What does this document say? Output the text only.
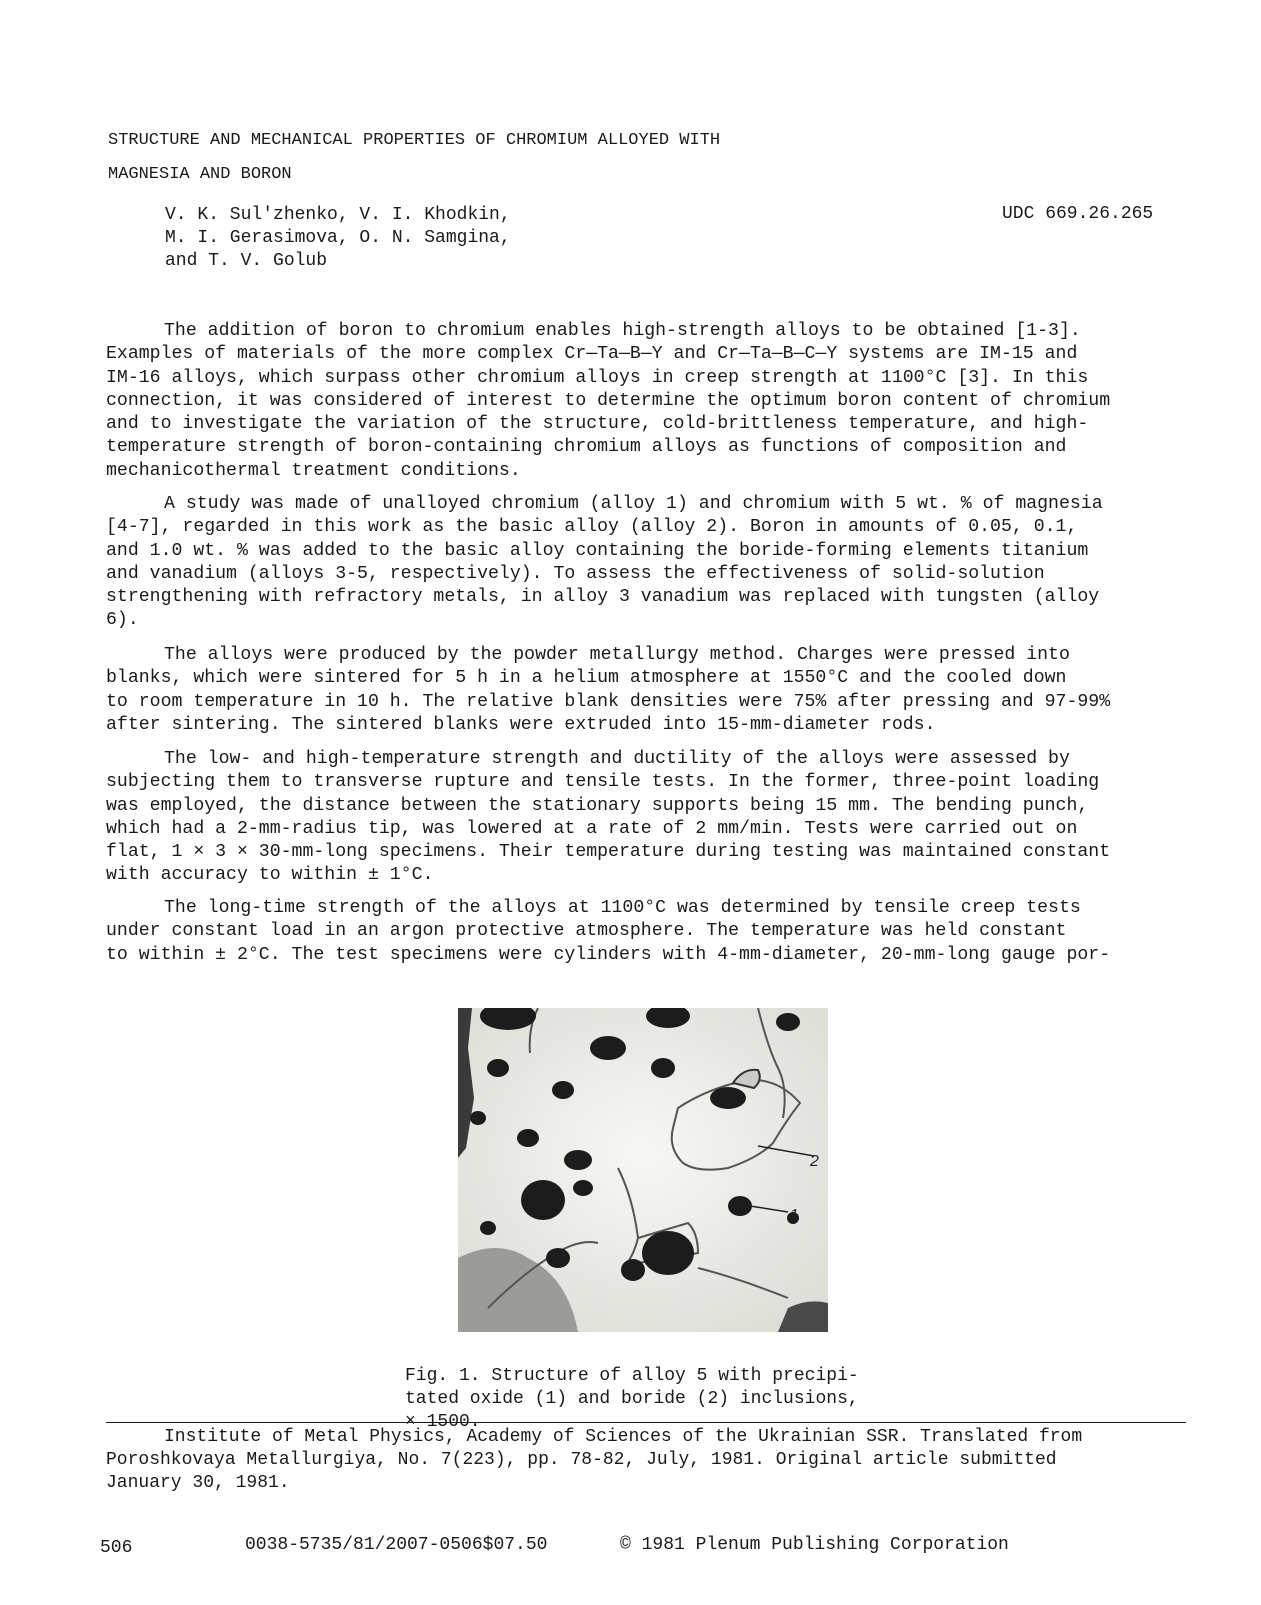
STRUCTURE AND MECHANICAL PROPERTIES OF CHROMIUM ALLOYED WITH
MAGNESIA AND BORON
V. K. Sul'zhenko, V. I. Khodkin,
M. I. Gerasimova, O. N. Samgina,
and T. V. Golub
UDC 669.26.265
The addition of boron to chromium enables high-strength alloys to be obtained [1-3].
Examples of materials of the more complex Cr—Ta—B—Y and Cr—Ta—B—C—Y systems are IM-15 and
IM-16 alloys, which surpass other chromium alloys in creep strength at 1100°C [3]. In this
connection, it was considered of interest to determine the optimum boron content of chromium
and to investigate the variation of the structure, cold-brittleness temperature, and high-
temperature strength of boron-containing chromium alloys as functions of composition and
mechanicothermal treatment conditions.
A study was made of unalloyed chromium (alloy 1) and chromium with 5 wt. % of magnesia
[4-7], regarded in this work as the basic alloy (alloy 2). Boron in amounts of 0.05, 0.1,
and 1.0 wt. % was added to the basic alloy containing the boride-forming elements titanium
and vanadium (alloys 3-5, respectively). To assess the effectiveness of solid-solution
strengthening with refractory metals, in alloy 3 vanadium was replaced with tungsten (alloy
6).
The alloys were produced by the powder metallurgy method. Charges were pressed into
blanks, which were sintered for 5 h in a helium atmosphere at 1550°C and the cooled down
to room temperature in 10 h. The relative blank densities were 75% after pressing and 97-99%
after sintering. The sintered blanks were extruded into 15-mm-diameter rods.
The low- and high-temperature strength and ductility of the alloys were assessed by
subjecting them to transverse rupture and tensile tests. In the former, three-point loading
was employed, the distance between the stationary supports being 15 mm. The bending punch,
which had a 2-mm-radius tip, was lowered at a rate of 2 mm/min. Tests were carried out on
flat, 1 × 3 × 30-mm-long specimens. Their temperature during testing was maintained constant
with accuracy to within ± 1°C.
The long-time strength of the alloys at 1100°C was determined by tensile creep tests
under constant load in an argon protective atmosphere. The temperature was held constant
to within ± 2°C. The test specimens were cylinders with 4-mm-diameter, 20-mm-long gauge por-
2
1
Fig. 1. Structure of alloy 5 with precipi-
tated oxide (1) and boride (2) inclusions,
× 1500.
Institute of Metal Physics, Academy of Sciences of the Ukrainian SSR. Translated from
Poroshkovaya Metallurgiya, No. 7(223), pp. 78-82, July, 1981. Original article submitted
January 30, 1981.
506	0038-5735/81/2007-0506$07.50	© 1981 Plenum Publishing Corporation
